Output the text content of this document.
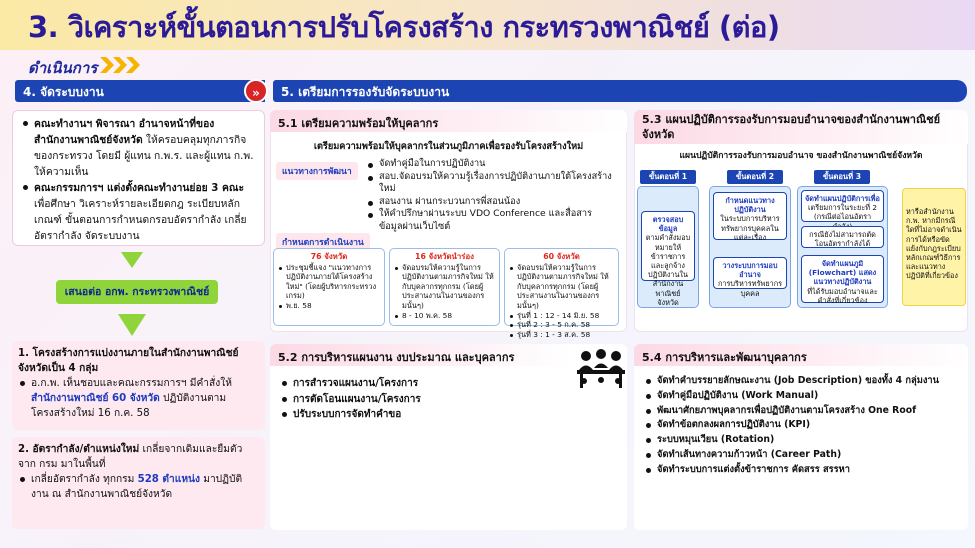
3. วิเคราะห์ขั้นตอนการปรับโครงสร้าง กระทรวงพาณิชย์ (ต่อ)
ดำเนินการ
4. จัดระบบงาน	»
คณะทำงานฯ พิจารณา อำนาจหน้าที่ของสำนักงานพาณิชย์จังหวัด ให้ครอบคลุมทุกภารกิจของกระทรวง โดยมี ผู้แทน ก.พ.ร. และผู้แทน ก.พ. ให้ความเห็น
คณะกรรมการฯ แต่งตั้งคณะทำงานย่อย 3 คณะ เพื่อศึกษา วิเคราะห์รายละเอียดกฎ ระเบียบหลักเกณฑ์ ขั้นตอนการกำหนดกรอบอัตรากำลัง เกลี่ยอัตรากำลัง จัดระบบงาน
เสนอต่อ อกพ. กระทรวงพาณิชย์
1. โครงสร้างการแบ่งงานภายในสำนักงานพาณิชย์จังหวัดเป็น 4 กลุ่ม
อ.ก.พ. เห็นชอบและคณะกรรมการฯ มีคำสั่งให้สำนักงานพาณิชย์ 60 จังหวัด ปฏิบัติงานตามโครงสร้างใหม่ 16 ก.ค. 58
2. อัตรากำลัง/ตำแหน่งใหม่ เกลี่ยจากเดิมและยืมตัวจาก กรม มาในพื้นที่
เกลี่ยอัตรากำลัง ทุกกรม 528 ตำแหน่ง มาปฏิบัติงาน ณ สำนักงานพาณิชย์จังหวัด
5. เตรียมการรองรับจัดระบบงาน
5.1 เตรียมความพร้อมให้บุคลากร
เตรียมความพร้อมให้บุคลากรในส่วนภูมิภาคเพื่อรองรับโครงสร้างใหม่
แนวทางการพัฒนา
จัดทำคู่มือในการปฏิบัติงาน
สอบ.จัดอบรมให้ความรู้เรื่องการปฏิบัติงานภายใต้โครงสร้างใหม่
สอนงาน ผ่านกระบวนการพี่สอนน้อง
ให้คำปรึกษาผ่านระบบ VDO Conference และสื่อสารข้อมูลผ่านเว็บไซต์
กำหนดการดำเนินงาน
76 จังหวัด
ประชุมชี้แจง "แนวทางการปฏิบัติงานภายใต้โครงสร้างใหม่" (โดยผู้บริหารกระทรวงเกรม)
พ.ย. 58
16 จังหวัดนำร่อง
จัดอบรมให้ความรู้ในการปฏิบัติงานตามภารกิจใหม่ ให้กับบุคลากรทุกกรม (โดยผู้ประสานงานในงานของกรมนั้นๆ)
8 - 10 พ.ค. 58
60 จังหวัด
จัดอบรมให้ความรู้ในการปฏิบัติงานตามภารกิจใหม่ ให้กับบุคลากรทุกกรม (โดยผู้ประสานงานในงานของกรมนั้นๆ)
รุ่นที่ 1 : 12 - 14 มิ.ย. 58
รุ่นที่ 2 : 3 - 5 ก.ค. 58
รุ่นที่ 3 : 1 - 3 ส.ค. 58
5.3 แผนปฏิบัติการรองรับการมอบอำนาจของสำนักงานพาณิชย์จังหวัด
แผนปฏิบัติการรองรับการมอบอำนาจ ของสำนักงานพาณิชย์จังหวัด
ขั้นตอนที่ 1	ขั้นตอนที่ 2	ขั้นตอนที่ 3
ตรวจสอบข้อมูล
ตามคำสั่งมอบหมายให้ข้าราชการและลูกจ้างปฏิบัติงานในสำนักงานพาณิชย์จังหวัด
กำหนดแนวทางปฏิบัติงาน
ในระบบการบริหารทรัพยากรบุคคลในแต่ละเรื่อง
วางระบบการมอบอำนาจ
การบริหารทรัพยากรบุคคล
จัดทำแผนปฏิบัติการเพื่อ
เตรียมการในระยะที่ 2 (กรณีต่อไอนอัตรา
กรณียังไม่สามารถตัดโอนอัตรากำลังได้
จัดทำแผนภูมิ (Flowchart) แสดงแนวทางปฏิบัติงาน
ที่ได้รับมอบอำนาจและคำสั่งที่เกี่ยวข้อง
หารือสำนักงาน ก.พ. หากมีกรณีใดที่ไม่อาจดำเนินการได้หรือขัดแย้งกับกฎระเบียบหลักเกณฑ์วิธีการและแนวทางปฏิบัติที่เกี่ยวข้อง
5.2 การบริหารแผนงาน งบประมาณ และบุคลากร
การสำรวจแผนงาน/โครงการ
การตัดโอนแผนงาน/โครงการ
ปรับระบบการจัดทำคำขอ
5.4 การบริหารและพัฒนาบุคลากร
จัดทำคำบรรยายลักษณะงาน (Job Description) ของทั้ง 4 กลุ่มงาน
จัดทำคู่มือปฏิบัติงาน (Work Manual)
พัฒนาศักยภาพบุคลากรเพื่อปฏิบัติงานตามโครงสร้าง One Roof
จัดทำข้อตกลงผลการปฏิบัติงาน (KPI)
ระบบหมุนเวียน (Rotation)
จัดทำเส้นทางความก้าวหน้า (Career Path)
จัดทำระบบการแต่งตั้งข้าราชการ คัดสรร สรรหา
